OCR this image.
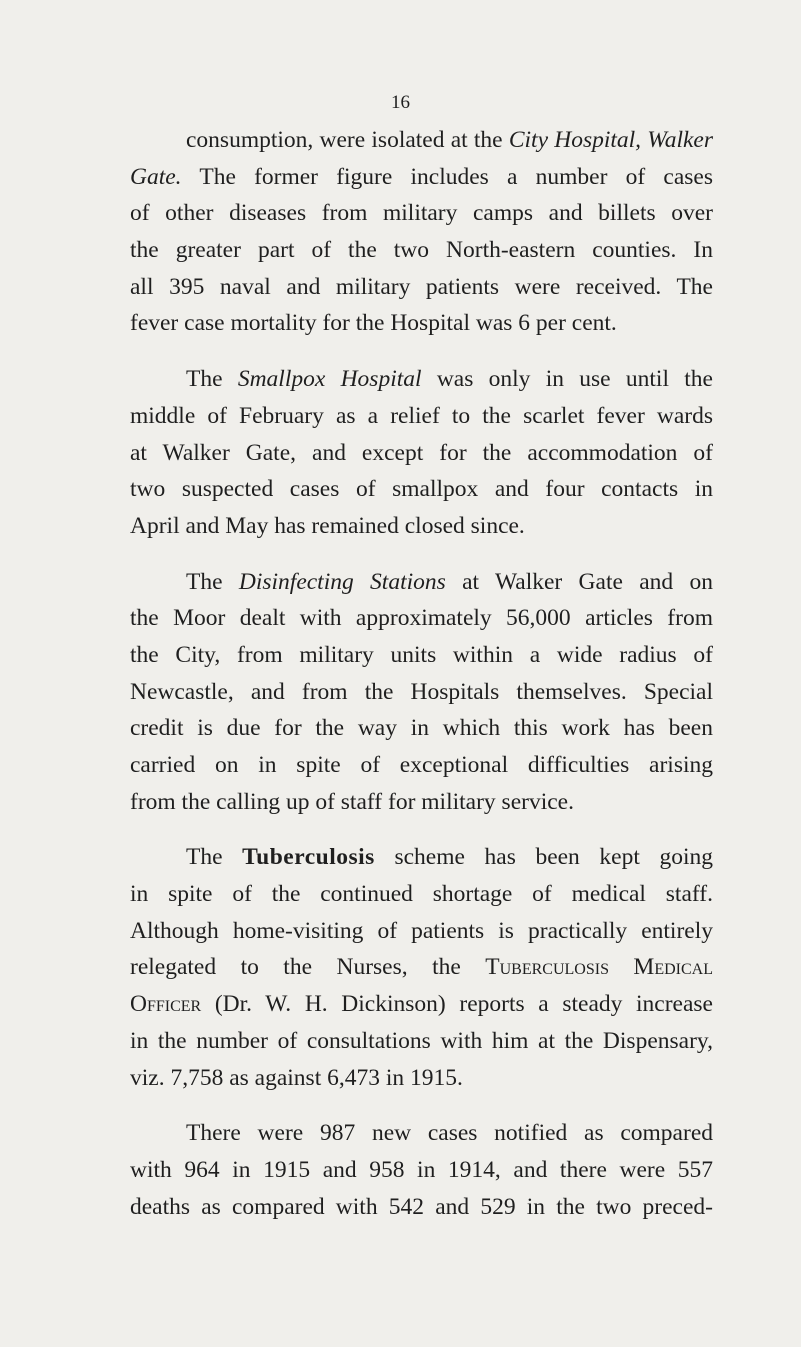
16
consumption, were isolated at the City Hospital, Walker
Gate. The former figure includes a number of cases
of other diseases from military camps and billets over
the greater part of the two North-eastern counties. In
all 395 naval and military patients were received. The
fever case mortality for the Hospital was 6 per cent.
The Smallpox Hospital was only in use until the
middle of February as a relief to the scarlet fever wards
at Walker Gate, and except for the accommodation of
two suspected cases of smallpox and four contacts in
April and May has remained closed since.
The Disinfecting Stations at Walker Gate and on
the Moor dealt with approximately 56,000 articles from
the City, from military units within a wide radius of
Newcastle, and from the Hospitals themselves. Special
credit is due for the way in which this work has been
carried on in spite of exceptional difficulties arising
from the calling up of staff for military service.
The Tuberculosis scheme has been kept going
in spite of the continued shortage of medical staff.
Although home-visiting of patients is practically entirely
relegated to the Nurses, the Tuberculosis Medical
Officer (Dr. W. H. Dickinson) reports a steady increase
in the number of consultations with him at the Dispensary,
viz. 7,758 as against 6,473 in 1915.
There were 987 new cases notified as compared
with 964 in 1915 and 958 in 1914, and there were 557
deaths as compared with 542 and 529 in the two preced-
